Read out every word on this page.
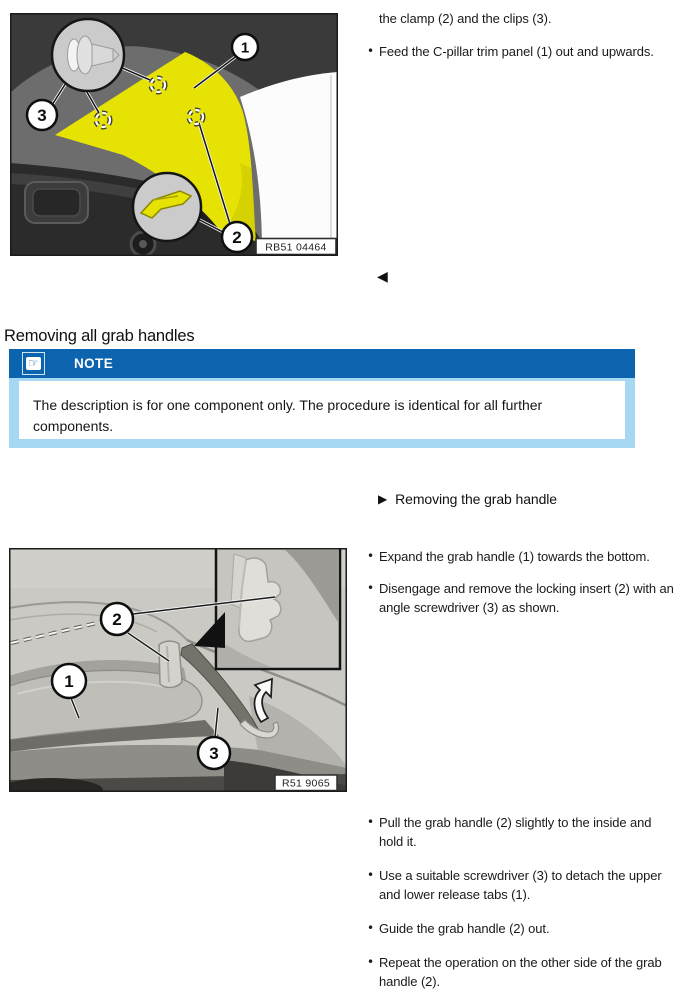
1
3
2
RB51 04464
the clamp (2) and the clips (3).
• Feed the C-pillar trim panel (1) out and upwards.
◀
Removing all grab handles
☞	NOTE
The description is for one component only. The procedure is identical for all further components.
▶ Removing the grab handle
2
1
3
R51 9065
• Expand the grab handle (1) towards the bottom.
• Disengage and remove the locking insert (2) with an angle screwdriver (3) as shown.
• Pull the grab handle (2) slightly to the inside and hold it.
• Use a suitable screwdriver (3) to detach the upper and lower release tabs (1).
• Guide the grab handle (2) out.
• Repeat the operation on the other side of the grab handle (2).
